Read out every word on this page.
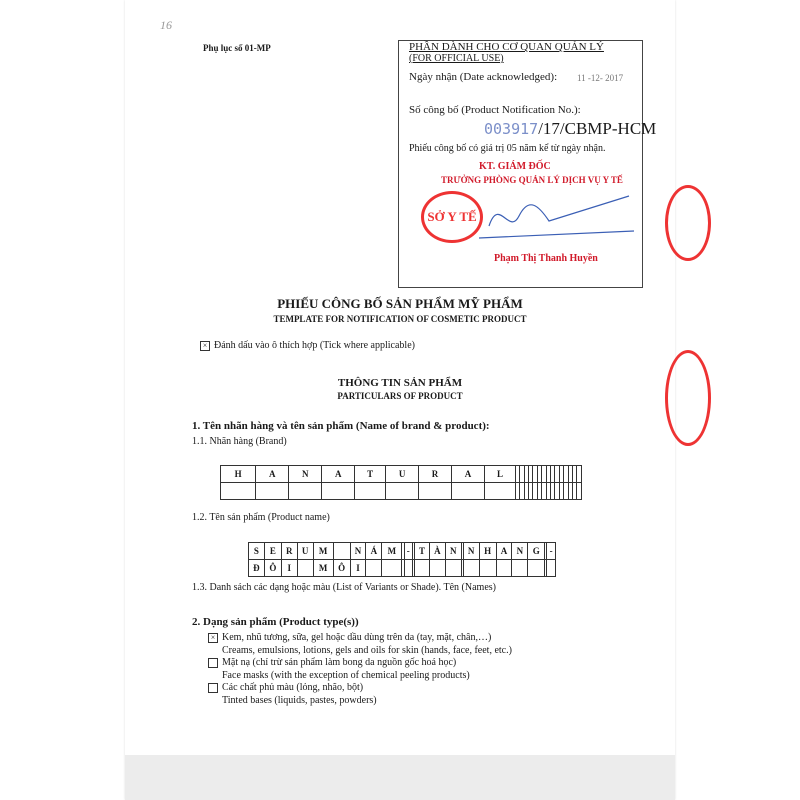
16
Phụ lục số 01-MP	PHẦN DÀNH CHO CƠ QUAN QUẢN LÝ
(FOR OFFICIAL USE)
Ngày nhận (Date acknowledged): 11 -12- 2017
Số công bố (Product Notification No.):
003917/17/CBMP-HCM
Phiếu công bố có giá trị 05 năm kể từ ngày nhận.
KT. GIÁM ĐỐC
TRƯỞNG PHÒNG QUẢN LÝ DỊCH VỤ Y TẾ
SỞ Y TẾ
Phạm Thị Thanh Huyền
PHIẾU CÔNG BỐ SẢN PHẨM MỸ PHẨM
TEMPLATE FOR NOTIFICATION OF COSMETIC PRODUCT
× Đánh dấu vào ô thích hợp (Tick where applicable)
THÔNG TIN SẢN PHẨM
PARTICULARS OF PRODUCT
1. Tên nhãn hàng và tên sản phẩm (Name of brand & product):
1.1. Nhãn hàng (Brand)
H	A	N	A	T	U	R	A	L															

1.2. Tên sản phẩm (Product name)
S	E	R	U	M		N	Á	M		-		T	À	N		N	H	A	N	G		-
Đ	Ô	I		M	Ô	I																
1.3. Danh sách các dạng hoặc màu (List of Variants or Shade). Tên (Names)
2. Dạng sản phẩm (Product type(s))
× Kem, nhũ tương, sữa, gel hoặc dầu dùng trên da (tay, mặt, chân,…)
Creams, emulsions, lotions, gels and oils for skin (hands, face, feet, etc.)
Mặt nạ (chỉ trừ sản phẩm làm bong da nguồn gốc hoá học)
Face masks (with the exception of chemical peeling products)
Các chất phủ màu (lỏng, nhão, bột)
Tinted bases (liquids, pastes, powders)
